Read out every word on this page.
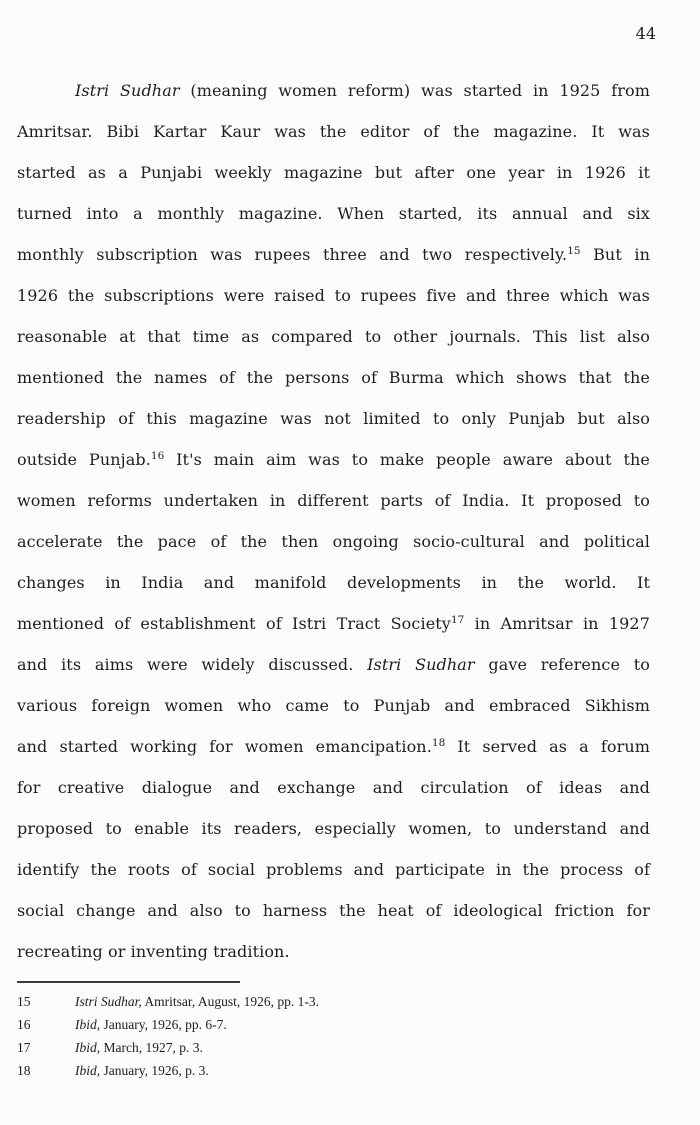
44
Istri Sudhar (meaning women reform) was started in 1925 from
Amritsar. Bibi Kartar Kaur was the editor of the magazine. It was
started as a Punjabi weekly magazine but after one year in 1926 it
turned into a monthly magazine. When started, its annual and six
monthly subscription was rupees three and two respectively.$^{15}$ But in
1926 the subscriptions were raised to rupees five and three which was
reasonable at that time as compared to other journals. This list also
mentioned the names of the persons of Burma which shows that the
readership of this magazine was not limited to only Punjab but also
outside Punjab.$^{16}$ It's main aim was to make people aware about the
women reforms undertaken in different parts of India. It proposed to
accelerate the pace of the then ongoing socio-cultural and political
changes in India and manifold developments in the world. It
mentioned of establishment of Istri Tract Society$^{17}$ in Amritsar in 1927
and its aims were widely discussed. Istri Sudhar gave reference to
various foreign women who came to Punjab and embraced Sikhism
and started working for women emancipation.$^{18}$ It served as a forum
for creative dialogue and exchange and circulation of ideas and
proposed to enable its readers, especially women, to understand and
identify the roots of social problems and participate in the process of
social change and also to harness the heat of ideological friction for
recreating or inventing tradition.
15	Istri Sudhar, Amritsar, August, 1926, pp. 1-3.
16	Ibid, January, 1926, pp. 6-7.
17	Ibid, March, 1927, p. 3.
18	Ibid, January, 1926, p. 3.
